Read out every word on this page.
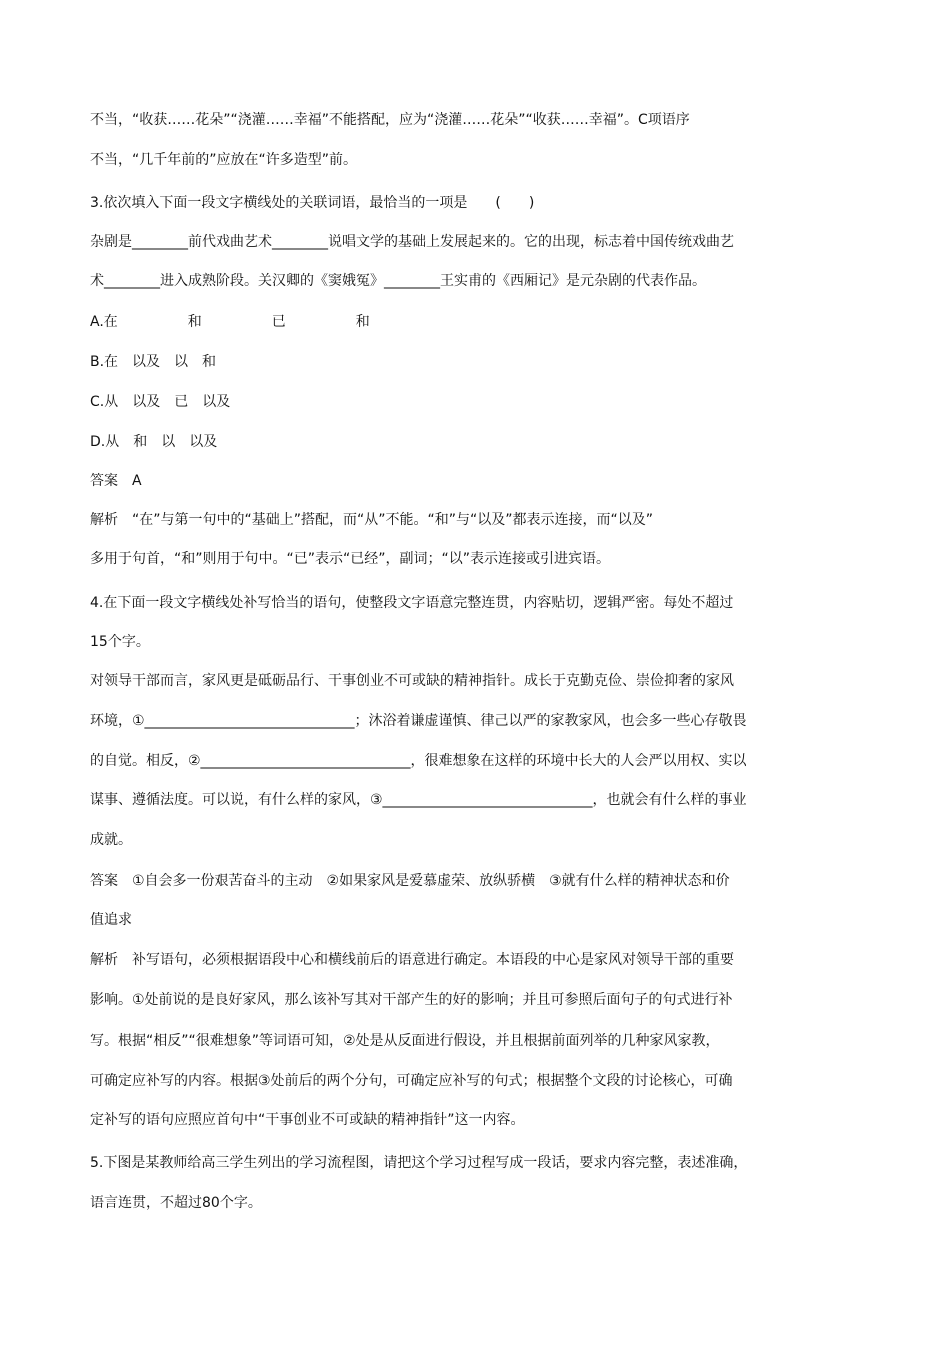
不当，“收获……花朵”“浇灌……幸福”不能搭配，应为“浇灌……花朵”“收获……幸福”。C项语序
不当，“几千年前的”应放在“许多造型”前。
3.依次填入下面一段文字横线处的关联词语，最恰当的一项是　　(　　)
杂剧是________前代戏曲艺术________说唱文学的基础上发展起来的。它的出现，标志着中国传统戏曲艺
术________进入成熟阶段。关汉卿的《窦娥冤》________王实甫的《西厢记》是元杂剧的代表作品。
A.在　　　　　和　　　　　已　　　　　和
B.在　以及　以　和
C.从　以及　已　以及
D.从　和　以　以及
答案　A
解析　“在”与第一句中的“基础上”搭配，而“从”不能。“和”与“以及”都表示连接，而“以及”
多用于句首，“和”则用于句中。“已”表示“已经”，副词；“以”表示连接或引进宾语。
4.在下面一段文字横线处补写恰当的语句，使整段文字语意完整连贯，内容贴切，逻辑严密。每处不超过
15个字。
对领导干部而言，家风更是砥砺品行、干事创业不可或缺的精神指针。成长于克勤克俭、崇俭抑奢的家风
环境，①______________________________；沐浴着谦虚谨慎、律己以严的家教家风，也会多一些心存敬畏
的自觉。相反，②______________________________，很难想象在这样的环境中长大的人会严以用权、实以
谋事、遵循法度。可以说，有什么样的家风，③______________________________，也就会有什么样的事业
成就。
答案　①自会多一份艰苦奋斗的主动　②如果家风是爱慕虚荣、放纵骄横　③就有什么样的精神状态和价
值追求
解析　补写语句，必须根据语段中心和横线前后的语意进行确定。本语段的中心是家风对领导干部的重要
影响。①处前说的是良好家风，那么该补写其对干部产生的好的影响；并且可参照后面句子的句式进行补
写。根据“相反”“很难想象”等词语可知，②处是从反面进行假设，并且根据前面列举的几种家风家教，
可确定应补写的内容。根据③处前后的两个分句，可确定应补写的句式；根据整个文段的讨论核心，可确
定补写的语句应照应首句中“干事创业不可或缺的精神指针”这一内容。
5.下图是某教师给高三学生列出的学习流程图，请把这个学习过程写成一段话，要求内容完整，表述准确，
语言连贯，不超过80个字。
